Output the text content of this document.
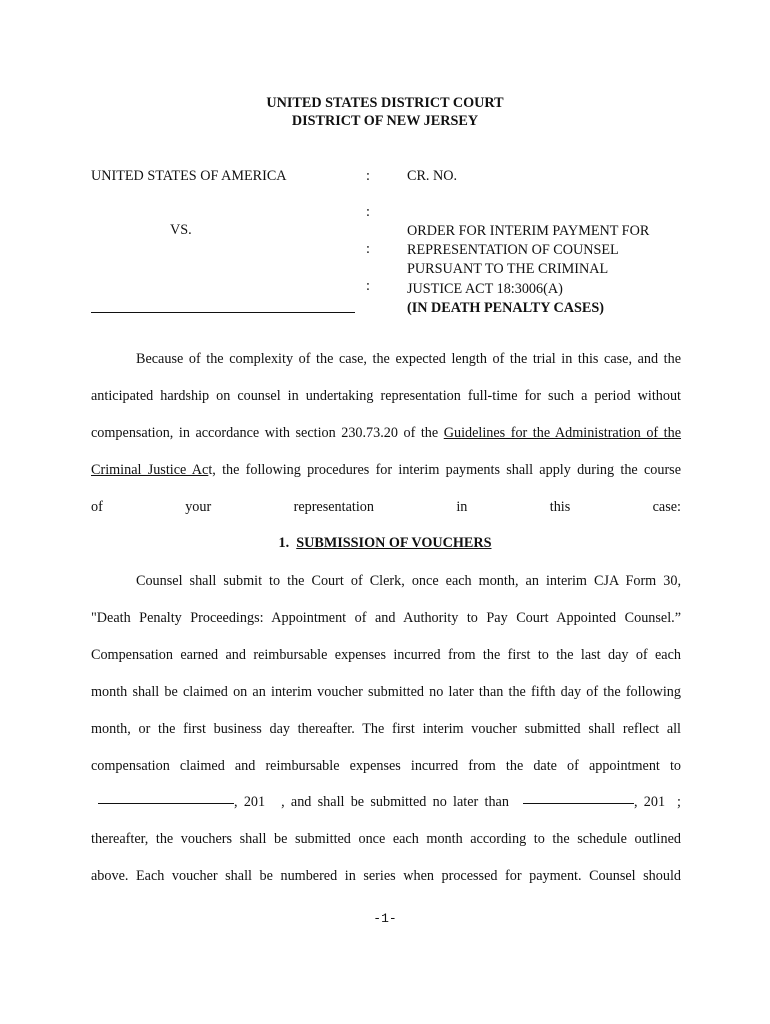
UNITED STATES DISTRICT COURT
DISTRICT OF NEW JERSEY
UNITED STATES OF AMERICA
VS.
:
:
:
:
CR. NO.
ORDER FOR INTERIM PAYMENT FOR
REPRESENTATION OF COUNSEL
PURSUANT TO THE CRIMINAL
JUSTICE ACT 18:3006(A)
(IN DEATH PENALTY CASES)
Because of the complexity of the case, the expected length of the trial in this case, and the
anticipated hardship on counsel in undertaking representation full-time for such a period without
compensation, in accordance with section 230.73.20 of the Guidelines for the Administration of the
Criminal Justice Act, the following procedures for interim payments shall apply during the course
of your representation in this case:
1. SUBMISSION OF VOUCHERS
Counsel shall submit to the Court of Clerk, once each month, an interim CJA Form 30,
"Death Penalty Proceedings: Appointment of and Authority to Pay Court Appointed Counsel.”
Compensation earned and reimbursable expenses incurred from the first to the last day of each
month shall be claimed on an interim voucher submitted no later than the fifth day of the following
month, or the first business day thereafter. The first interim voucher submitted shall reflect all
compensation claimed and reimbursable expenses incurred from the date of appointment to
, 201 , and shall be submitted no later than	, 201 ;
thereafter, the vouchers shall be submitted once each month according to the schedule outlined
above. Each voucher shall be numbered in series when processed for payment. Counsel should
-1-
